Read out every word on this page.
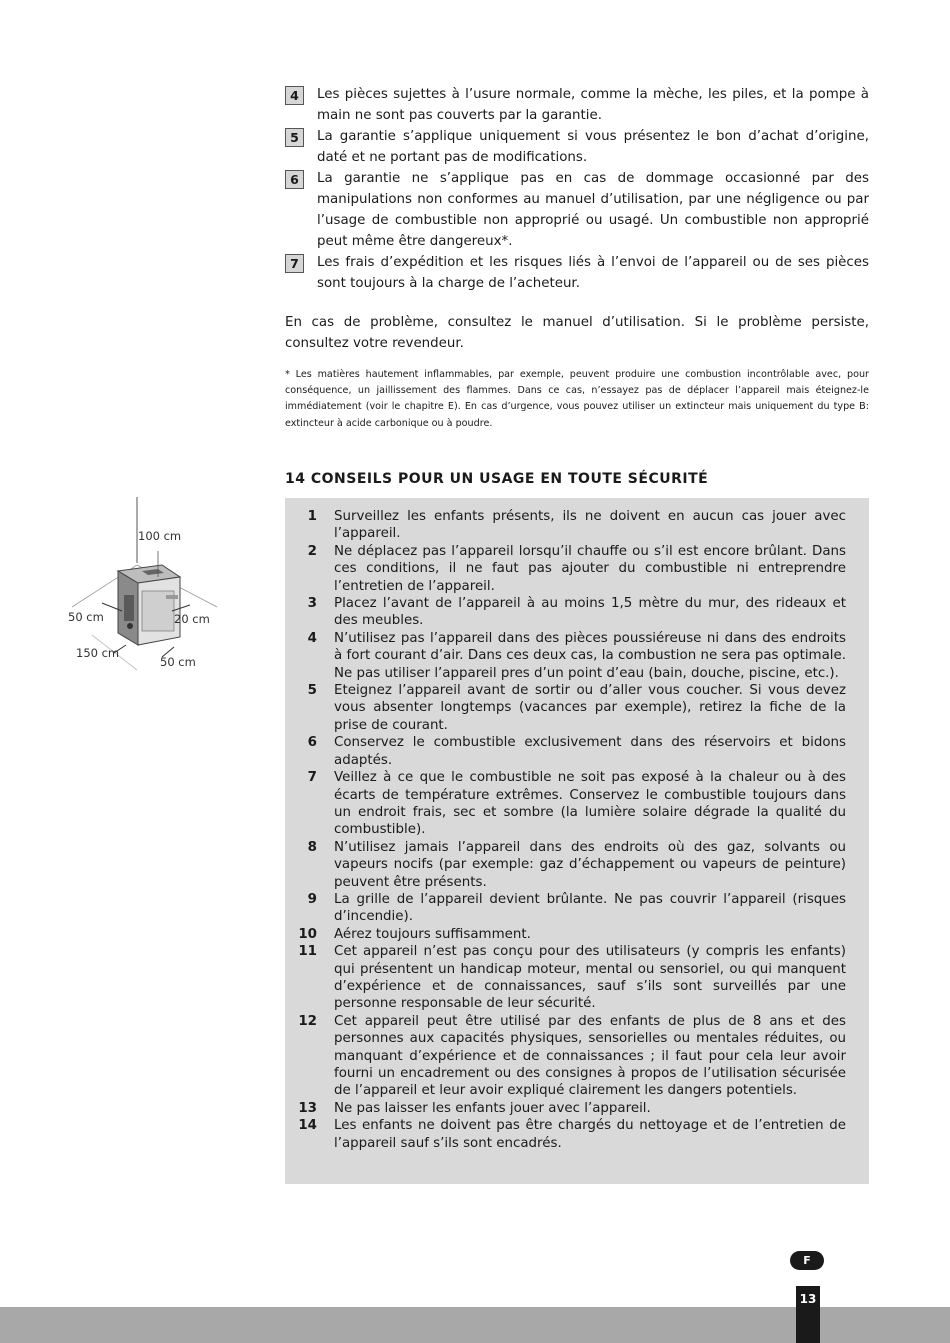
4	Les pièces sujettes à l’usure normale, comme la mèche, les piles, et la pompe à main ne sont pas couverts par la garantie.
5	La garantie s’applique uniquement si vous présentez le bon d’achat d’origine, daté et ne portant pas de modifications.
6	La garantie ne s’applique pas en cas de dommage occasionné par des manipulations non conformes au manuel d’utilisation, par une négligence ou par l’usage de combustible non approprié ou usagé. Un combustible non approprié peut même être dangereux*.
7	Les frais d’expédition et les risques liés à l’envoi de l’appareil ou de ses pièces sont toujours à la charge de l’acheteur.
En cas de problème, consultez le manuel d’utilisation. Si le problème persiste, consultez votre revendeur.
* Les matières hautement inflammables, par exemple, peuvent produire une combustion incontrôlable avec, pour conséquence, un jaillissement des flammes. Dans ce cas, n’essayez pas de déplacer l’appareil mais éteignez-le immédiatement (voir le chapitre E). En cas d’urgence, vous pouvez utiliser un extincteur mais uniquement du type B: extincteur à acide carbonique ou à poudre.
14 CONSEILS POUR UN USAGE EN TOUTE SÉCURITÉ
100 cm
50 cm	20 cm
150 cm
50 cm
1 Surveillez les enfants présents, ils ne doivent en aucun cas jouer avec l’appareil.
2 Ne déplacez pas l’appareil lorsqu’il chauffe ou s’il est encore brûlant. Dans ces conditions, il ne faut pas ajouter du combustible ni entreprendre l’entretien de l’appareil.
3 Placez l’avant de l’appareil à au moins 1,5 mètre du mur, des rideaux et des meubles.
4 N’utilisez pas l’appareil dans des pièces poussiéreuse ni dans des endroits à fort courant d’air. Dans ces deux cas, la combustion ne sera pas optimale. Ne pas utiliser l’appareil pres d’un point d’eau (bain, douche, piscine, etc.).
5 Eteignez l’appareil avant de sortir ou d’aller vous coucher. Si vous devez vous absenter longtemps (vacances par exemple), retirez la fiche de la prise de courant.
6 Conservez le combustible exclusivement dans des réservoirs et bidons adaptés.
7 Veillez à ce que le combustible ne soit pas exposé à la chaleur ou à des écarts de température extrêmes. Conservez le combustible toujours dans un endroit frais, sec et sombre (la lumière solaire dégrade la qualité du combustible).
8 N’utilisez jamais l’appareil dans des endroits où des gaz, solvants ou vapeurs nocifs (par exemple: gaz d’échappement ou vapeurs de peinture) peuvent être présents.
9 La grille de l’appareil devient brûlante. Ne pas couvrir l’appareil (risques d’incendie).
10 Aérez toujours suffisamment.
11 Cet appareil n’est pas conçu pour des utilisateurs (y compris les enfants) qui présentent un handicap moteur, mental ou sensoriel, ou qui manquent d’expérience et de connaissances, sauf s’ils sont surveillés par une personne responsable de leur sécurité.
12 Cet appareil peut être utilisé par des enfants de plus de 8 ans et des personnes aux capacités physiques, sensorielles ou mentales réduites, ou manquant d’expérience et de connaissances ; il faut pour cela leur avoir fourni un encadrement ou des consignes à propos de l’utilisation sécurisée de l’appareil et leur avoir expliqué clairement les dangers potentiels.
13 Ne pas laisser les enfants jouer avec l’appareil.
14 Les enfants ne doivent pas être chargés du nettoyage et de l’entretien de l’appareil sauf s’ils sont encadrés.
F
13
